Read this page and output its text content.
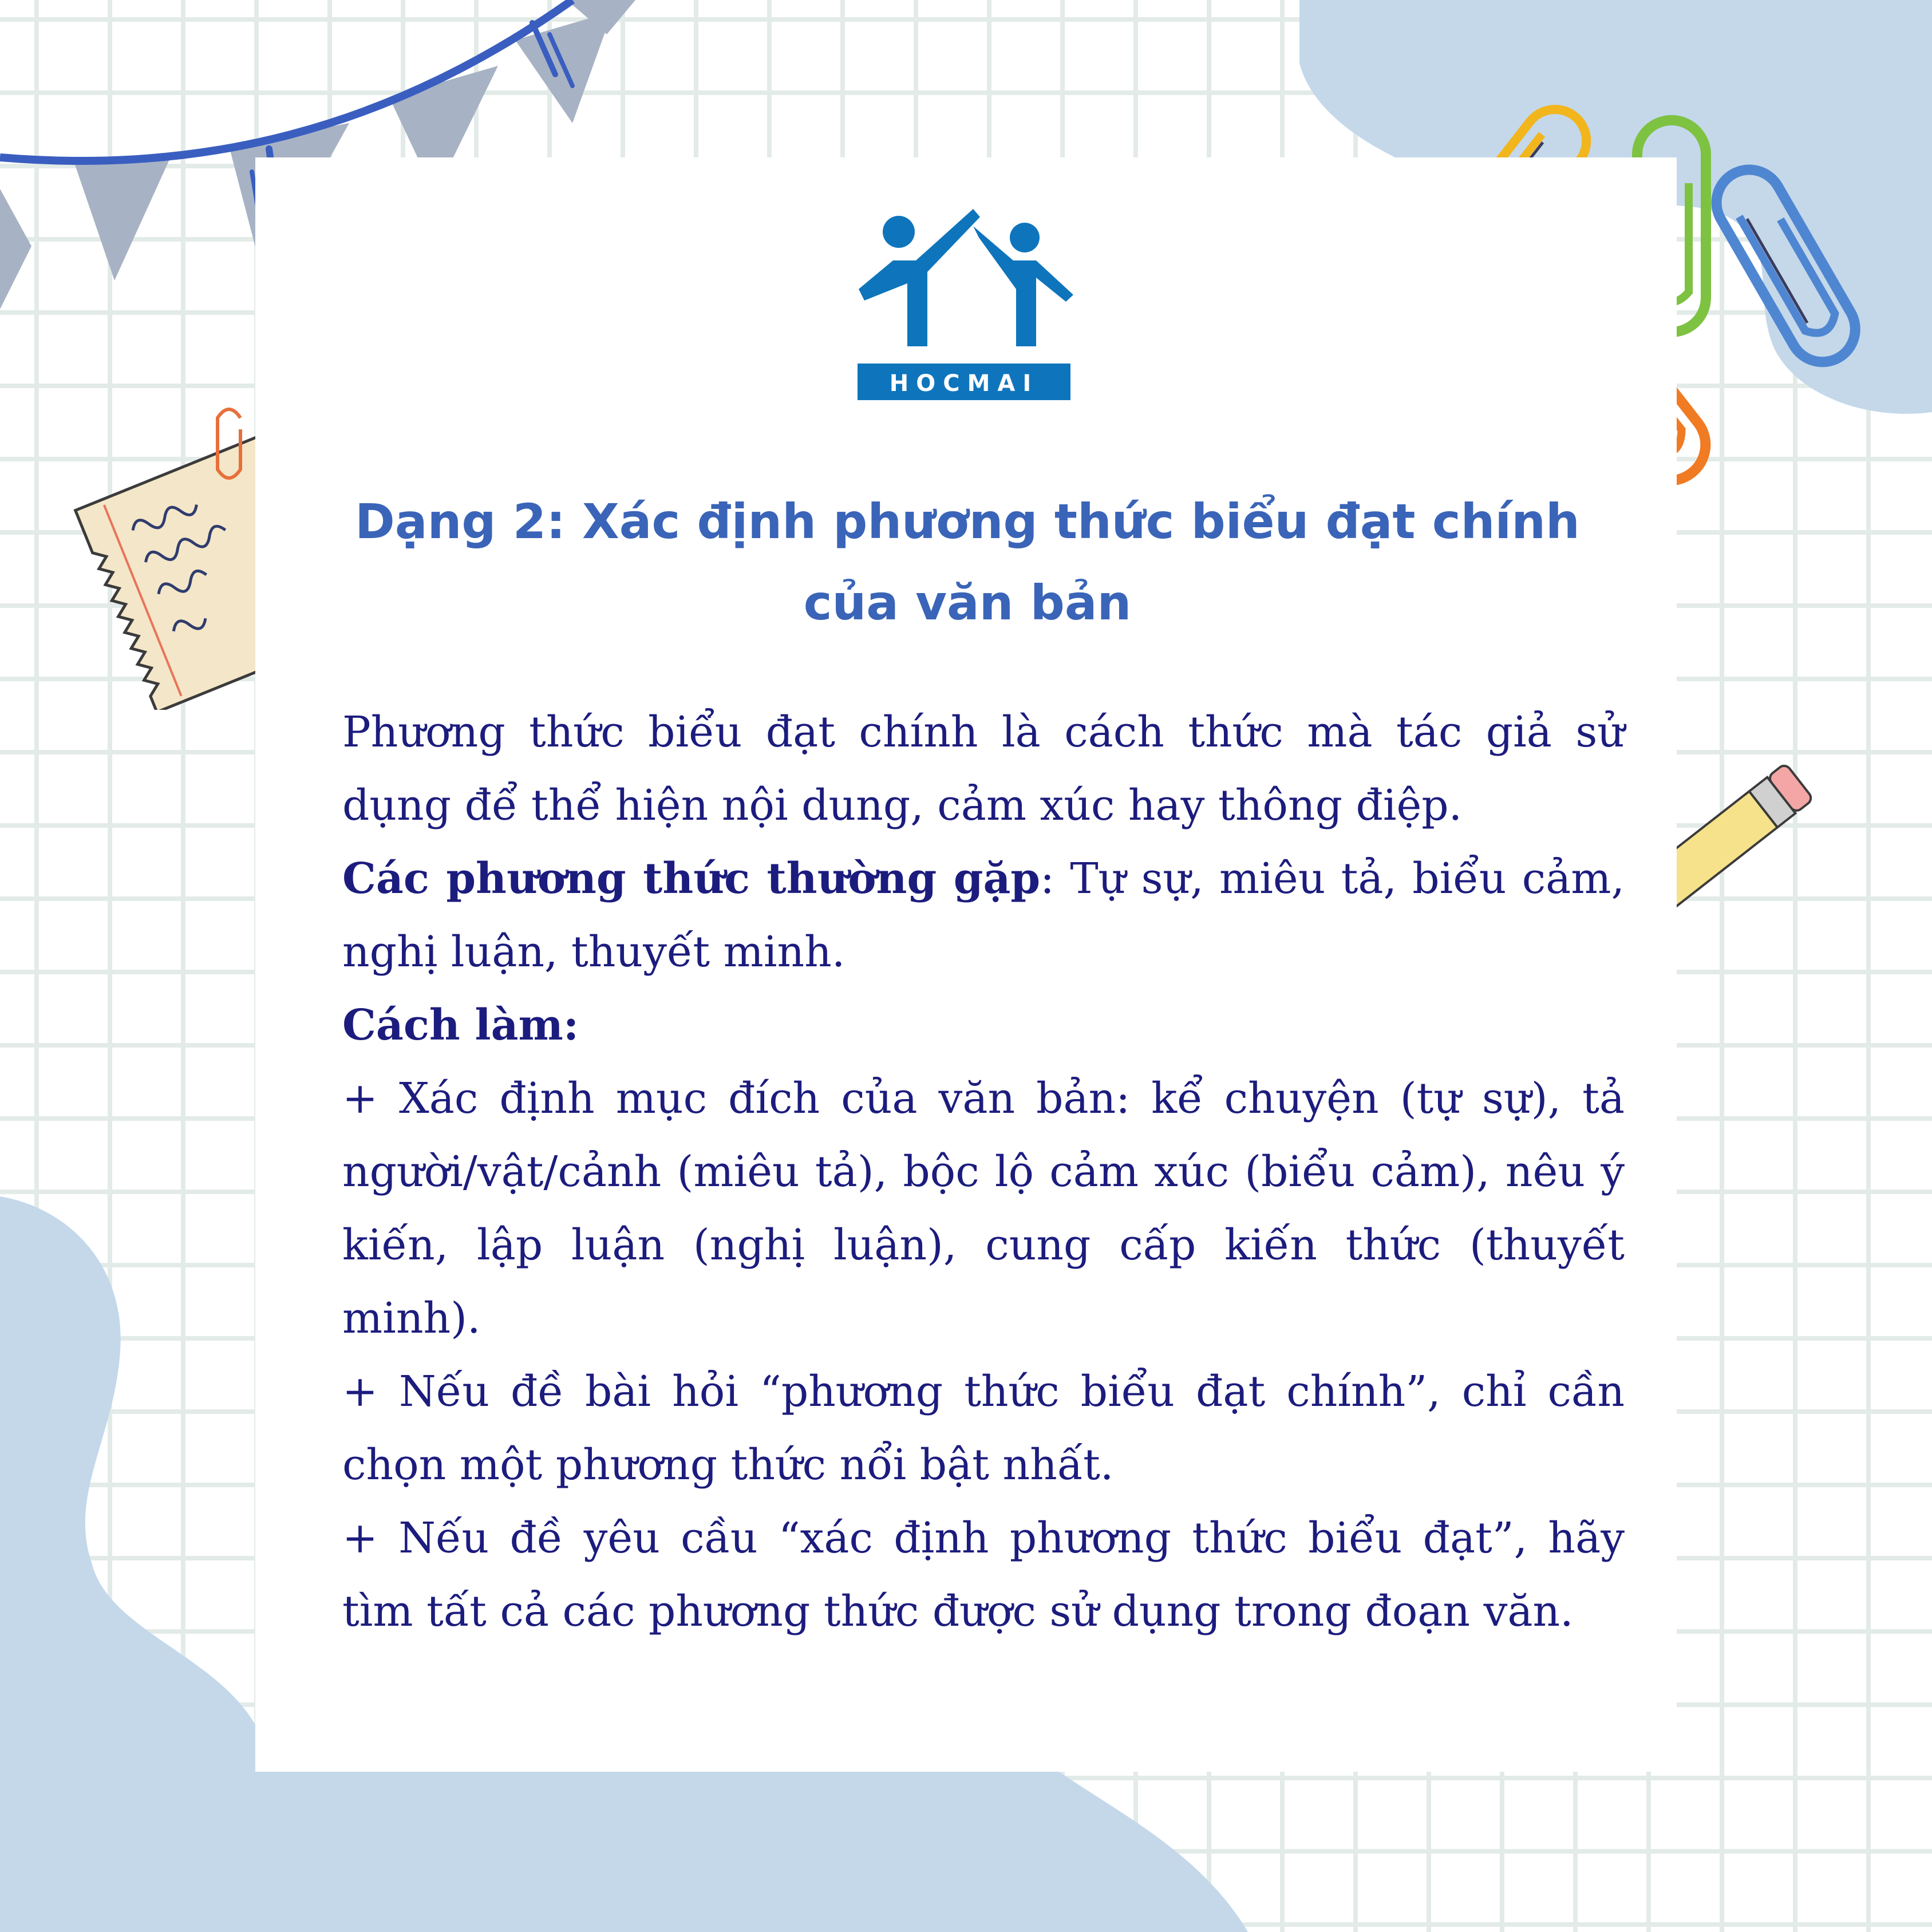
HOCMAI
Dạng 2: Xác định phương thức biểu đạt chính
của văn bản

Phương thức biểu đạt chính là cách thức mà tác giả sử dụng để thể hiện nội dung, cảm xúc hay thông điệp.

Các phương thức thường gặp: Tự sự, miêu tả, biểu cảm, nghị luận, thuyết minh.

Cách làm:

+ Xác định mục đích của văn bản: kể chuyện (tự sự), tả người/vật/cảnh (miêu tả), bộc lộ cảm xúc (biểu cảm), nêu ý kiến, lập luận (nghị luận), cung cấp kiến thức (thuyết minh).

+ Nếu đề bài hỏi “phương thức biểu đạt chính”, chỉ cần chọn một phương thức nổi bật nhất.

+ Nếu đề yêu cầu “xác định phương thức biểu đạt”, hãy tìm tất cả các phương thức được sử dụng trong đoạn văn.
